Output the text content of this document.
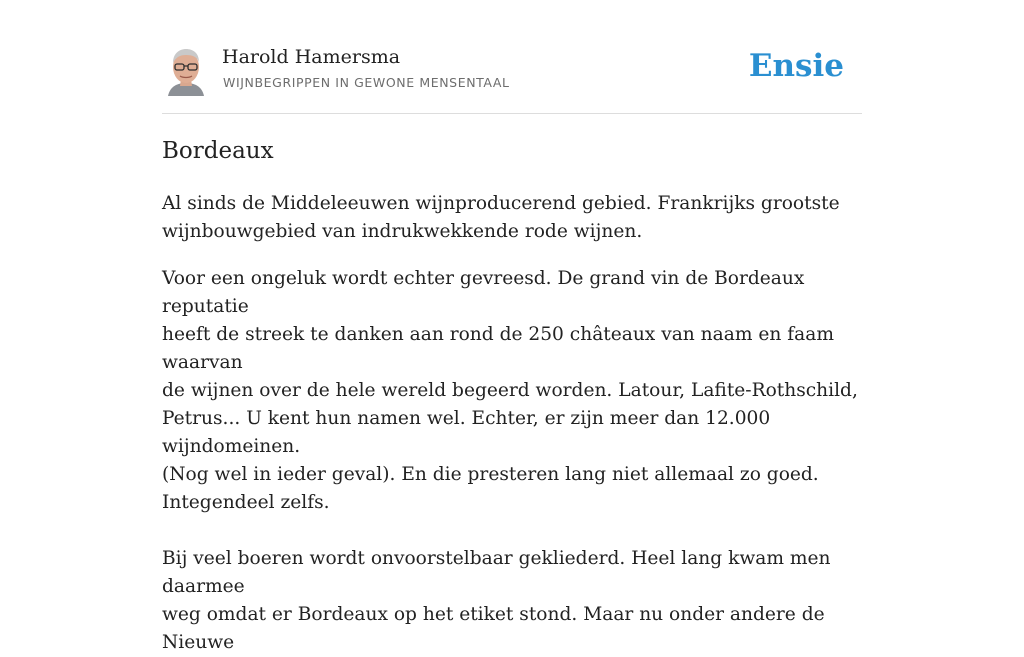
Harold Hamersma
WIJNBEGRIPPEN IN GEWONE MENSENTAAL	Ensie
Bordeaux

Al sinds de Middeleeuwen wijnproducerend gebied. Frankrijks grootste
wijnbouwgebied van indrukwekkende rode wijnen.

Voor een ongeluk wordt echter gevreesd. De grand vin de Bordeaux reputatie
heeft de streek te danken aan rond de 250 châteaux van naam en faam waarvan
de wijnen over de hele wereld begeerd worden. Latour, Lafite-Rothschild,
Petrus... U kent hun namen wel. Echter, er zijn meer dan 12.000 wijndomeinen.
(Nog wel in ieder geval). En die presteren lang niet allemaal zo goed.
Integendeel zelfs.

Bij veel boeren wordt onvoorstelbaar gekliederd. Heel lang kwam men daarmee
weg omdat er Bordeaux op het etiket stond. Maar nu onder andere de Nieuwe
